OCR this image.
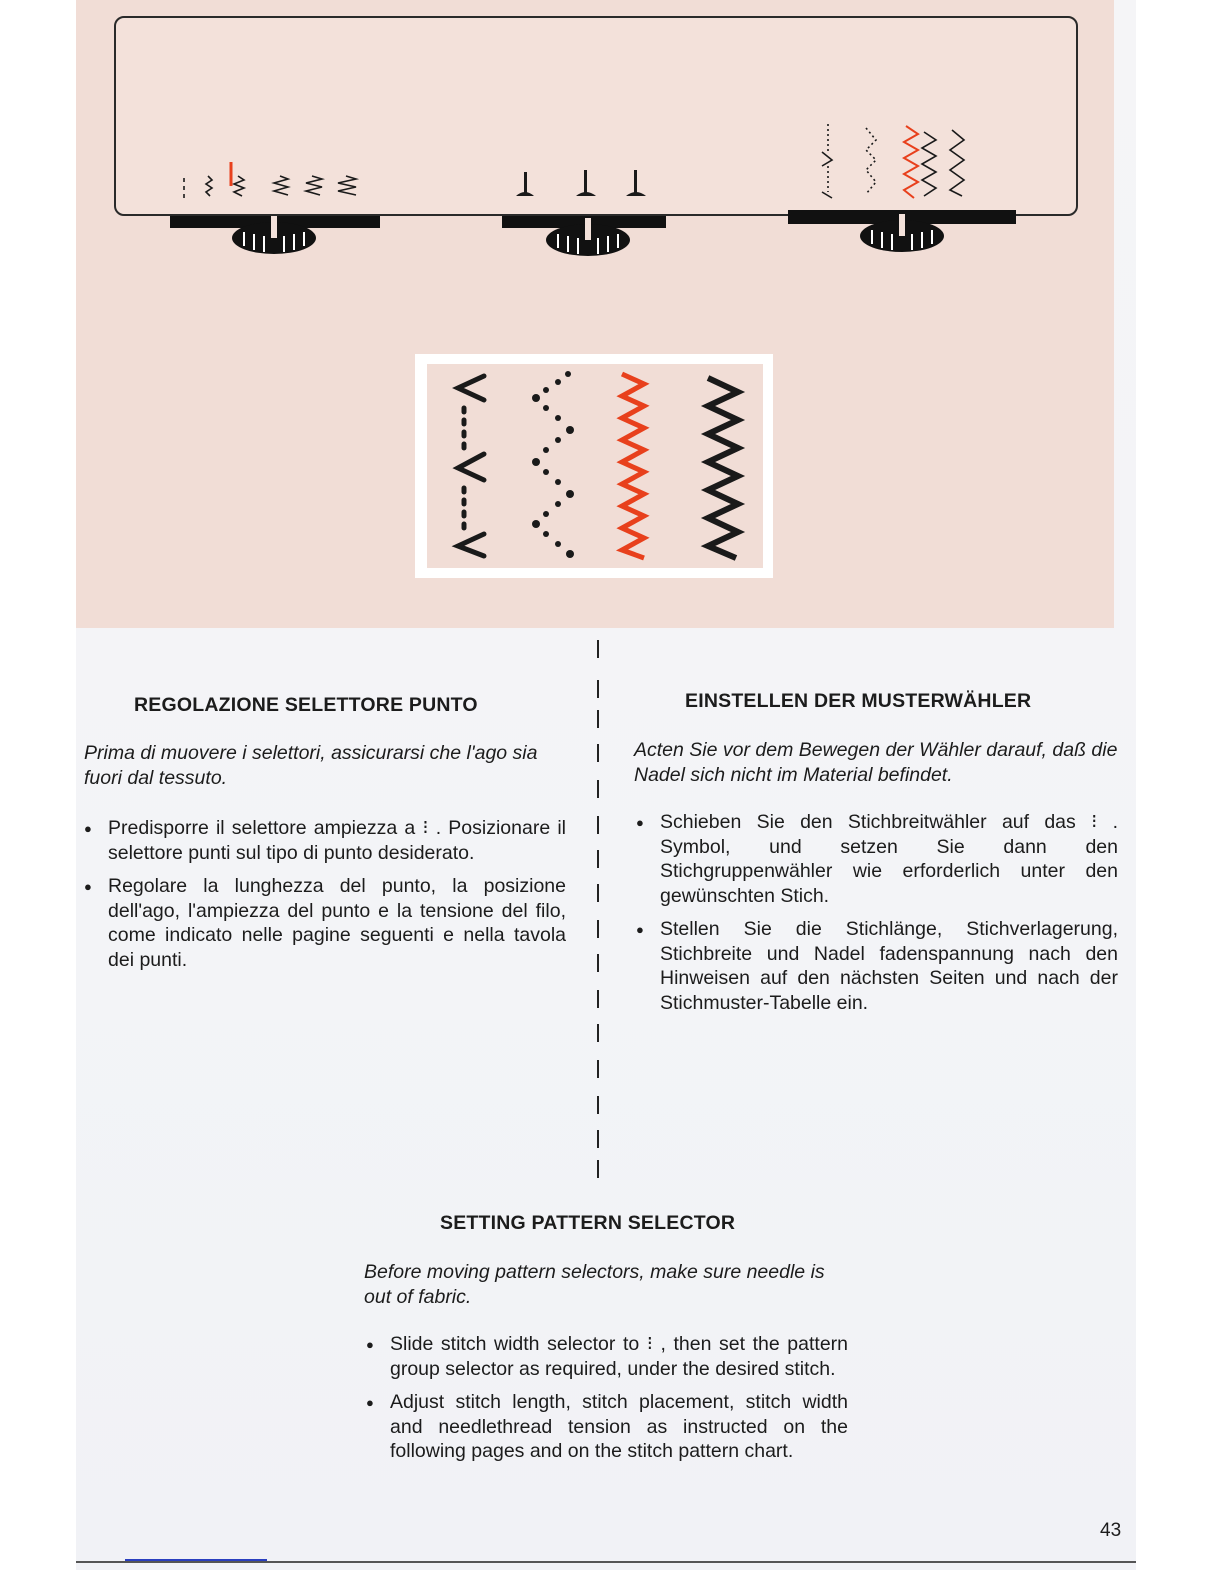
REGOLAZIONE SELETTORE PUNTO

Prima di muovere i selettori, assicurarsi che l'ago sia fuori dal tessuto.

● Predisporre il selettore ampiezza a ⁝ . Posizionare il selettore punti sul tipo di punto desiderato.
● Regolare la lunghezza del punto, la posizione dell'ago, l'ampiezza del punto e la tensione del filo, come indicato nelle pagine seguenti e nella tavola dei punti.
EINSTELLEN DER MUSTERWÄHLER

Acten Sie vor dem Bewegen der Wähler darauf, daß die Nadel sich nicht im Material befindet.

● Schieben Sie den Stichbreitwähler auf das ⁝ . Symbol, und setzen Sie dann den Stichgruppenwähler wie erforderlich unter den gewünschten Stich.
● Stellen Sie die Stichlänge, Stichverlagerung, Stichbreite und Nadel fadenspannung nach den Hinweisen auf den nächsten Seiten und nach der Stichmuster-Tabelle ein.
SETTING PATTERN SELECTOR

Before moving pattern selectors, make sure needle is out of fabric.

● Slide stitch width selector to ⁝ , then set the pattern group selector as required, under the desired stitch.
● Adjust stitch length, stitch placement, stitch width and needlethread tension as instructed on the following pages and on the stitch pattern chart.
43
